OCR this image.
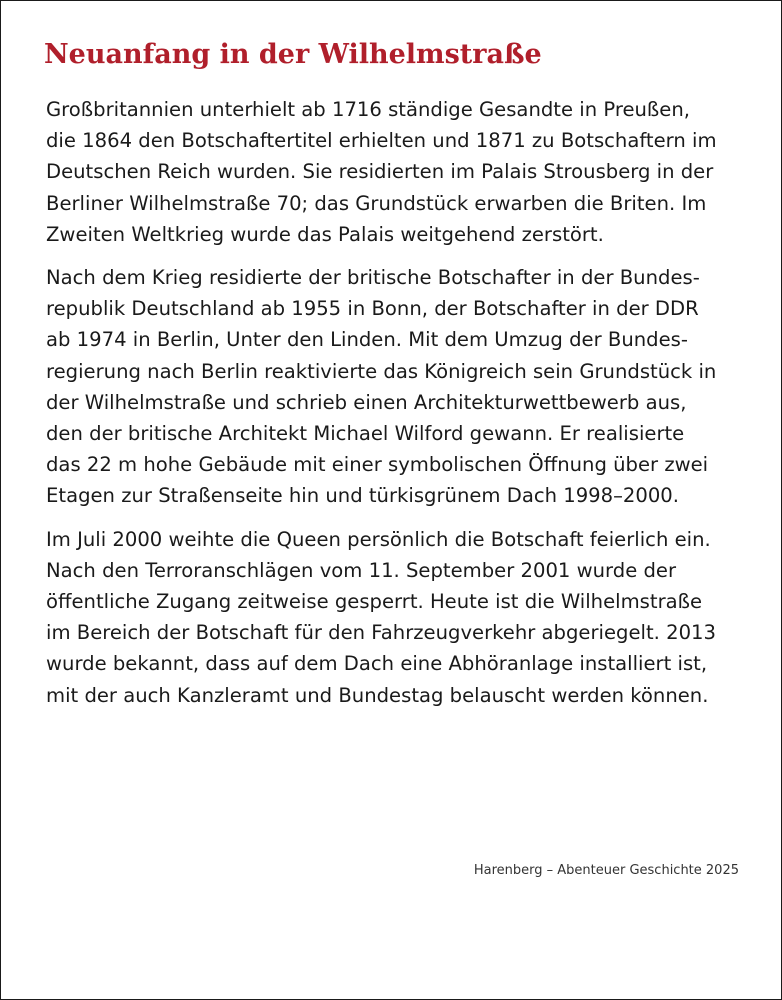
Neuanfang in der Wilhelmstraße

Großbritannien unterhielt ab 1716 ständige Gesandte in Preußen,
die 1864 den Botschaftertitel erhielten und 1871 zu Botschaftern im
Deutschen Reich wurden. Sie residierten im Palais Strousberg in der
Berliner Wilhelmstraße 70; das Grundstück erwarben die Briten. Im
Zweiten Weltkrieg wurde das Palais weitgehend zerstört.

Nach dem Krieg residierte der britische Botschafter in der Bundes-
republik Deutschland ab 1955 in Bonn, der Botschafter in der DDR
ab 1974 in Berlin, Unter den Linden. Mit dem Umzug der Bundes-
regierung nach Berlin reaktivierte das Königreich sein Grundstück in
der Wilhelmstraße und schrieb einen Architekturwettbewerb aus,
den der britische Architekt Michael Wilford gewann. Er realisierte
das 22 m hohe Gebäude mit einer symbolischen Öffnung über zwei
Etagen zur Straßenseite hin und türkisgrünem Dach 1998–2000.

Im Juli 2000 weihte die Queen persönlich die Botschaft feierlich ein.
Nach den Terroranschlägen vom 11. September 2001 wurde der
öffentliche Zugang zeitweise gesperrt. Heute ist die Wilhelmstraße
im Bereich der Botschaft für den Fahrzeugverkehr abgeriegelt. 2013
wurde bekannt, dass auf dem Dach eine Abhöranlage installiert ist,
mit der auch Kanzleramt und Bundestag belauscht werden können.

Harenberg – Abenteuer Geschichte 2025
